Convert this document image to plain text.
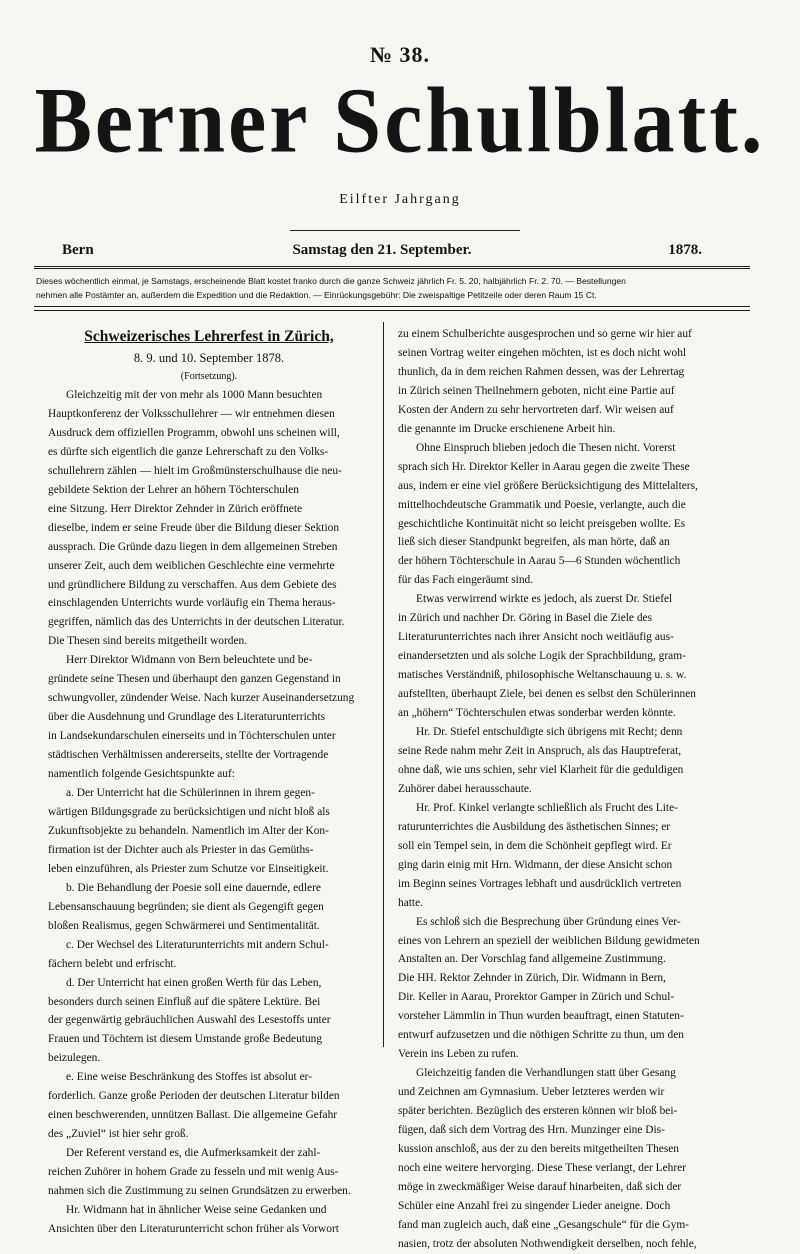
№ 38.
Berner Schulblatt.
Eilfter Jahrgang
Bern	Samstag den 21. September.	1878.
Dieses wöchentlich einmal, je Samstags, erscheinende Blatt kostet franko durch die ganze Schweiz jährlich Fr. 5. 20, halbjährlich Fr. 2. 70. — Bestellungen
nehmen alle Postämter an, außerdem die Expedition und die Redaktion. — Einrückungsgebühr: Die zweispaltige Petitzeile oder deren Raum 15 Ct.
Schweizerisches Lehrerfest in Zürich,
8. 9. und 10. September 1878.
(Fortsetzung).
Gleichzeitig mit der von mehr als 1000 Mann besuchten
Hauptkonferenz der Volksschullehrer — wir entnehmen diesen
Ausdruck dem offiziellen Programm, obwohl uns scheinen will,
es dürfte sich eigentlich die ganze Lehrerschaft zu den Volks-
schullehrern zählen — hielt im Großmünsterschulhause die neu-
gebildete Sektion der Lehrer an höhern Töchterschulen
eine Sitzung. Herr Direktor Zehnder in Zürich eröffnete
dieselbe, indem er seine Freude über die Bildung dieser Sektion
aussprach. Die Gründe dazu liegen in dem allgemeinen Streben
unserer Zeit, auch dem weiblichen Geschlechte eine vermehrte
und gründlichere Bildung zu verschaffen. Aus dem Gebiete des
einschlagenden Unterrichts wurde vorläufig ein Thema heraus-
gegriffen, nämlich das des Unterrichts in der deutschen Literatur.
Die Thesen sind bereits mitgetheilt worden.
Herr Direktor Widmann von Bern beleuchtete und be-
gründete seine Thesen und überhaupt den ganzen Gegenstand in
schwungvoller, zündender Weise. Nach kurzer Auseinandersetzung
über die Ausdehnung und Grundlage des Literaturunterrichts
in Landsekundarschulen einerseits und in Töchterschulen unter
städtischen Verhältnissen andererseits, stellte der Vortragende
namentlich folgende Gesichtspunkte auf:
a. Der Unterricht hat die Schülerinnen in ihrem gegen-
wärtigen Bildungsgrade zu berücksichtigen und nicht bloß als
Zukunftsobjekte zu behandeln. Namentlich im Alter der Kon-
firmation ist der Dichter auch als Priester in das Gemüths-
leben einzuführen, als Priester zum Schutze vor Einseitigkeit.
b. Die Behandlung der Poesie soll eine dauernde, edlere
Lebensanschauung begründen; sie dient als Gegengift gegen
bloßen Realismus, gegen Schwärmerei und Sentimentalität.
c. Der Wechsel des Literaturunterrichts mit andern Schul-
fächern belebt und erfrischt.
d. Der Unterricht hat einen großen Werth für das Leben,
besonders durch seinen Einfluß auf die spätere Lektüre. Bei
der gegenwärtig gebräuchlichen Auswahl des Lesestoffs unter
Frauen und Töchtern ist diesem Umstande große Bedeutung
beizulegen.
e. Eine weise Beschränkung des Stoffes ist absolut er-
forderlich. Ganze große Perioden der deutschen Literatur bilden
einen beschwerenden, unnützen Ballast. Die allgemeine Gefahr
des „Zuviel“ ist hier sehr groß.
Der Referent verstand es, die Aufmerksamkeit der zahl-
reichen Zuhörer in hohem Grade zu fesseln und mit wenig Aus-
nahmen sich die Zustimmung zu seinen Grundsätzen zu erwerben.
Hr. Widmann hat in ähnlicher Weise seine Gedanken und
Ansichten über den Literaturunterricht schon früher als Vorwort
zu einem Schulberichte ausgesprochen und so gerne wir hier auf
seinen Vortrag weiter eingehen möchten, ist es doch nicht wohl
thunlich, da in dem reichen Rahmen dessen, was der Lehrertag
in Zürich seinen Theilnehmern geboten, nicht eine Partie auf
Kosten der Andern zu sehr hervortreten darf. Wir weisen auf
die genannte im Drucke erschienene Arbeit hin.
Ohne Einspruch blieben jedoch die Thesen nicht. Vorerst
sprach sich Hr. Direktor Keller in Aarau gegen die zweite These
aus, indem er eine viel größere Berücksichtigung des Mittelalters,
mittelhochdeutsche Grammatik und Poesie, verlangte, auch die
geschichtliche Kontinuität nicht so leicht preisgeben wollte. Es
ließ sich dieser Standpunkt begreifen, als man hörte, daß an
der höhern Töchterschule in Aarau 5—6 Stunden wöchentlich
für das Fach eingeräumt sind.
Etwas verwirrend wirkte es jedoch, als zuerst Dr. Stiefel
in Zürich und nachher Dr. Göring in Basel die Ziele des
Literaturunterrichtes nach ihrer Ansicht noch weitläufig aus-
einandersetzten und als solche Logik der Sprachbildung, gram-
matisches Verständniß, philosophische Weltanschauung u. s. w.
aufstellten, überhaupt Ziele, bei denen es selbst den Schülerinnen
an „höhern“ Töchterschulen etwas sonderbar werden könnte.
Hr. Dr. Stiefel entschuldigte sich übrigens mit Recht; denn
seine Rede nahm mehr Zeit in Anspruch, als das Hauptreferat,
ohne daß, wie uns schien, sehr viel Klarheit für die geduldigen
Zuhörer dabei herausschaute.
Hr. Prof. Kinkel verlangte schließlich als Frucht des Lite-
raturunterrichtes die Ausbildung des ästhetischen Sinnes; er
soll ein Tempel sein, in dem die Schönheit gepflegt wird. Er
ging darin einig mit Hrn. Widmann, der diese Ansicht schon
im Beginn seines Vortrages lebhaft und ausdrücklich vertreten
hatte.
Es schloß sich die Besprechung über Gründung eines Ver-
eines von Lehrern an speziell der weiblichen Bildung gewidmeten
Anstalten an. Der Vorschlag fand allgemeine Zustimmung.
Die HH. Rektor Zehnder in Zürich, Dir. Widmann in Bern,
Dir. Keller in Aarau, Prorektor Gamper in Zürich und Schul-
vorsteher Lämmlin in Thun wurden beauftragt, einen Statuten-
entwurf aufzusetzen und die nöthigen Schritte zu thun, um den
Verein ins Leben zu rufen.
Gleichzeitig fanden die Verhandlungen statt über Gesang
und Zeichnen am Gymnasium. Ueber letzteres werden wir
später berichten. Bezüglich des ersteren können wir bloß bei-
fügen, daß sich dem Vortrag des Hrn. Munzinger eine Dis-
kussion anschloß, aus der zu den bereits mitgetheilten Thesen
noch eine weitere hervorging. Diese These verlangt, der Lehrer
möge in zweckmäßiger Weise darauf hinarbeiten, daß sich der
Schüler eine Anzahl frei zu singender Lieder aneigne. Doch
fand man zugleich auch, daß eine „Gesangschule“ für die Gym-
nasien, trotz der absoluten Nothwendigkeit derselben, noch fehle,
